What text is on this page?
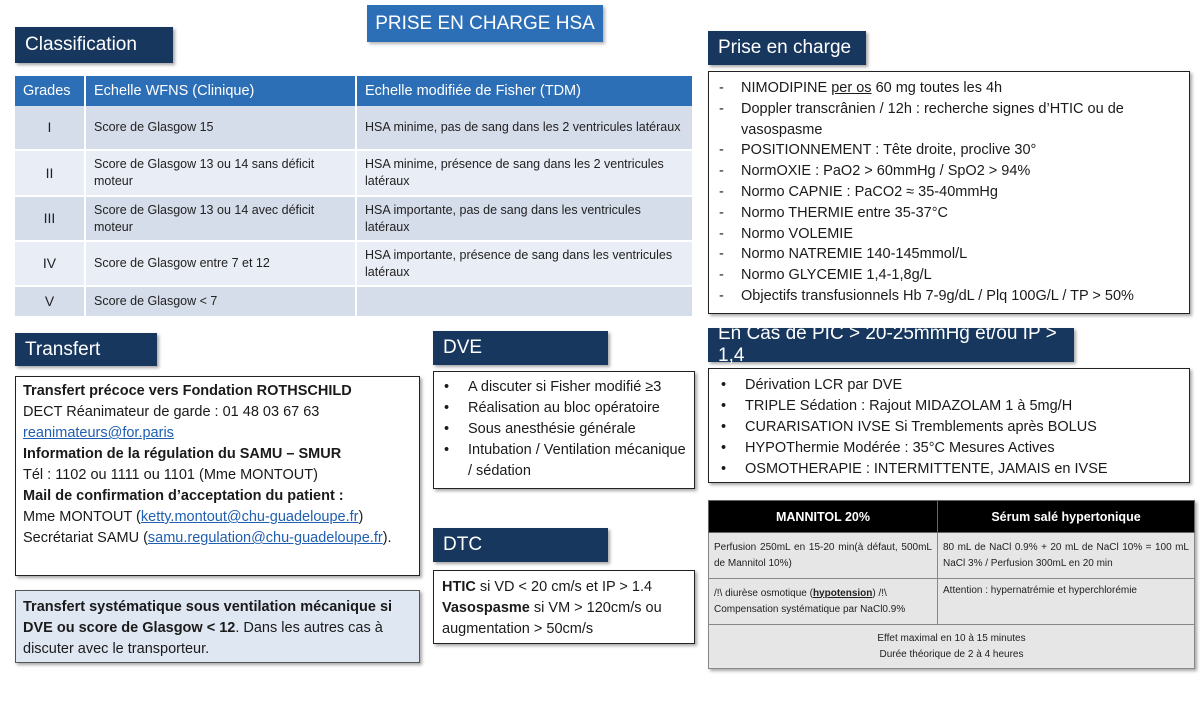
PRISE EN CHARGE HSA
Classification
Grades	Echelle WFNS (Clinique)	Echelle modifiée de Fisher (TDM)
I	Score de Glasgow 15	HSA minime, pas de sang dans les 2 ventricules latéraux
II	Score de Glasgow 13 ou 14 sans déficit moteur	HSA minime, présence de sang dans les 2 ventricules latéraux
III	Score de Glasgow 13 ou 14 avec déficit moteur	HSA importante, pas de sang dans les ventricules latéraux
IV	Score de Glasgow entre 7 et 12	HSA importante, présence de sang dans les ventricules latéraux
V	Score de Glasgow < 7	
Prise en charge
- NIMODIPINE per os 60 mg toutes les 4h
- Doppler transcrânien / 12h : recherche signes d’HTIC ou de vasospasme
- POSITIONNEMENT : Tête droite, proclive 30°
- NormOXIE : PaO2 > 60mmHg / SpO2 > 94%
- Normo CAPNIE : PaCO2 ≈ 35-40mmHg
- Normo THERMIE entre 35-37°C
- Normo VOLEMIE
- Normo NATREMIE 140-145mmol/L
- Normo GLYCEMIE 1,4-1,8g/L
- Objectifs transfusionnels Hb 7-9g/dL / Plq 100G/L / TP > 50%
En Cas de PIC > 20-25mmHg et/ou IP > 1,4
• Dérivation LCR par DVE
• TRIPLE Sédation : Rajout MIDAZOLAM 1 à 5mg/H
• CURARISATION IVSE Si Tremblements après BOLUS
• HYPOThermie Modérée : 35°C Mesures Actives
• OSMOTHERAPIE : INTERMITTENTE, JAMAIS en IVSE
MANNITOL 20%	Sérum salé hypertonique
Perfusion 250mL en 15-20 min(à défaut, 500mL de Mannitol 10%)	80 mL de NaCl 0.9% + 20 mL de NaCl 10% = 100 mL NaCl 3% / Perfusion 300mL en 20 min
/!\ diurèse osmotique (hypotension) /!\
Compensation systématique par NaCl0.9%	Attention : hypernatrémie et hyperchlorémie
Effet maximal en 10 à 15 minutes
Durée théorique de 2 à 4 heures	
Transfert
Transfert précoce vers Fondation ROTHSCHILD
DECT Réanimateur de garde : 01 48 03 67 63
reanimateurs@for.paris
Information de la régulation du SAMU – SMUR
Tél : 1102 ou 1111 ou 1101 (Mme MONTOUT)
Mail de confirmation d’acceptation du patient :
Mme MONTOUT (ketty.montout@chu-guadeloupe.fr)
Secrétariat SAMU (samu.regulation@chu-guadeloupe.fr).
Transfert systématique sous ventilation mécanique si DVE ou score de Glasgow < 12. Dans les autres cas à discuter avec le transporteur.
DVE
• A discuter si Fisher modifié ≥3
• Réalisation au bloc opératoire
• Sous anesthésie générale
• Intubation / Ventilation mécanique / sédation
DTC
HTIC si VD < 20 cm/s et IP > 1.4
Vasospasme si VM > 120cm/s ou augmentation > 50cm/s
